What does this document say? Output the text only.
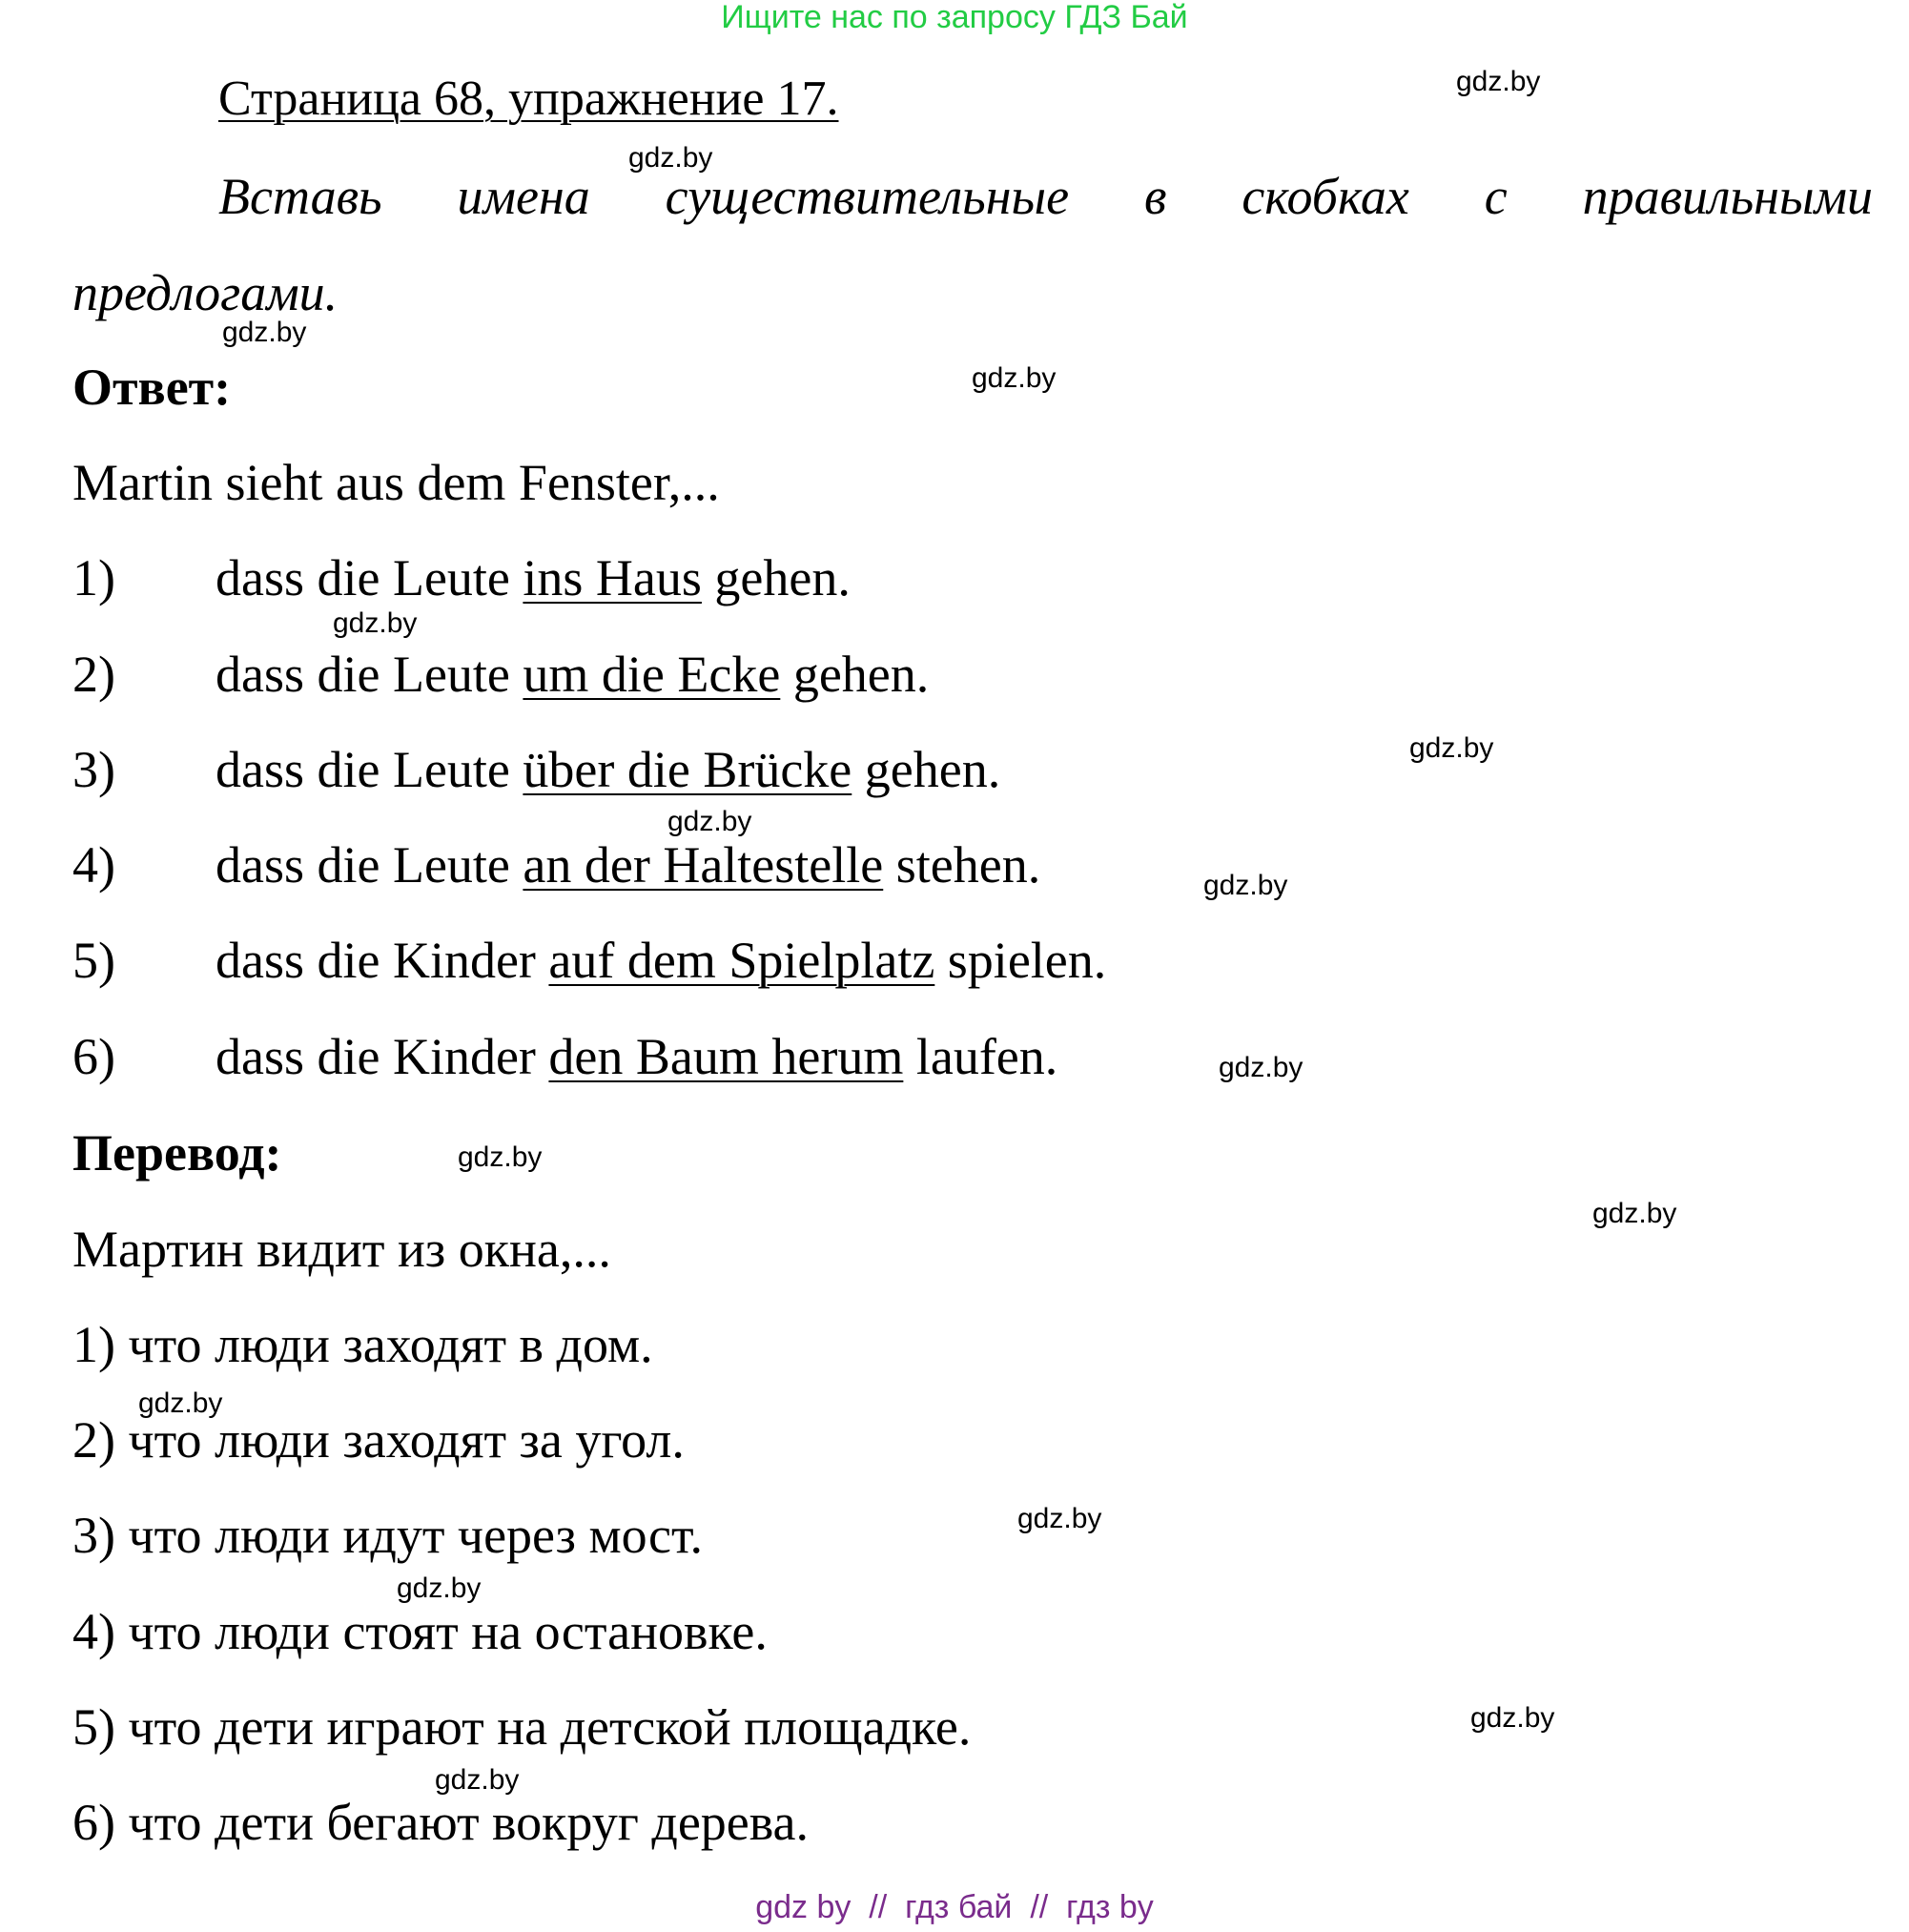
Ищите нас по запросу ГДЗ Бай
Страница 68, упражнение 17.
Вставь имена существительные в скобках с правильными
предлогами.
Ответ:
Martin sieht aus dem Fenster,...
1) dass die Leute ins Haus gehen.
2) dass die Leute um die Ecke gehen.
3) dass die Leute über die Brücke gehen.
4) dass die Leute an der Haltestelle stehen.
5) dass die Kinder auf dem Spielplatz spielen.
6) dass die Kinder den Baum herum laufen.
Перевод:
Мартин видит из окна,...
1) что люди заходят в дом.
2) что люди заходят за угол.
3) что люди идут через мост.
4) что люди стоят на остановке.
5) что дети играют на детской площадке.
6) что дети бегают вокруг дерева.
gdz.by
gdz.by
gdz.by
gdz.by
gdz.by
gdz.by
gdz.by
gdz.by
gdz.by
gdz.by
gdz.by
gdz.by
gdz.by
gdz.by
gdz.by
gdz.by
gdz by  //  гдз бай  //  гдз by
